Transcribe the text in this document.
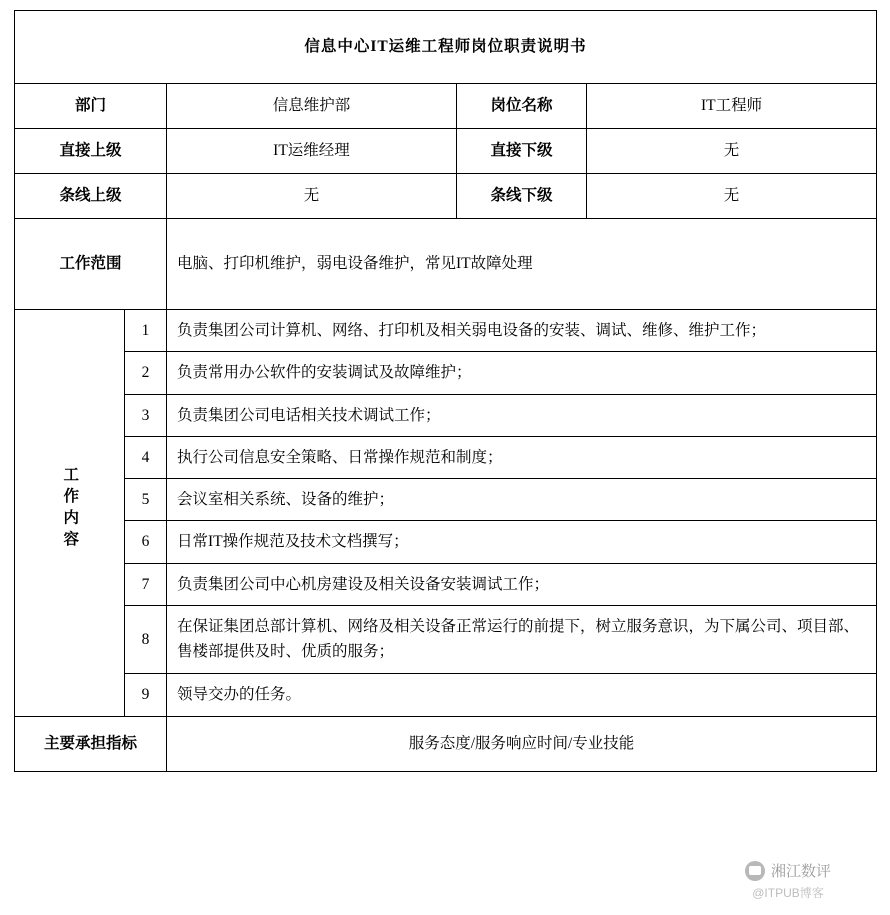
信息中心IT运维工程师岗位职责说明书				
部门		信息维护部	岗位名称	IT工程师
直接上级		IT运维经理	直接下级	无
条线上级		无	条线下级	无
工作范围		电脑、打印机维护，弱电设备维护，常见IT故障处理		
工作内容	1	负责集团公司计算机、网络、打印机及相关弱电设备的安装、调试、维修、维护工作；		
	2	负责常用办公软件的安装调试及故障维护；		
	3	负责集团公司电话相关技术调试工作；		
	4	执行公司信息安全策略、日常操作规范和制度；		
	5	会议室相关系统、设备的维护；		
	6	日常IT操作规范及技术文档撰写；		
	7	负责集团公司中心机房建设及相关设备安装调试工作；		
	8	在保证集团总部计算机、网络及相关设备正常运行的前提下，树立服务意识，为下属公司、项目部、售楼部提供及时、优质的服务；		
	9	领导交办的任务。		
主要承担指标		服务态度/服务响应时间/专业技能		
湘江数评
@ITPUB博客
